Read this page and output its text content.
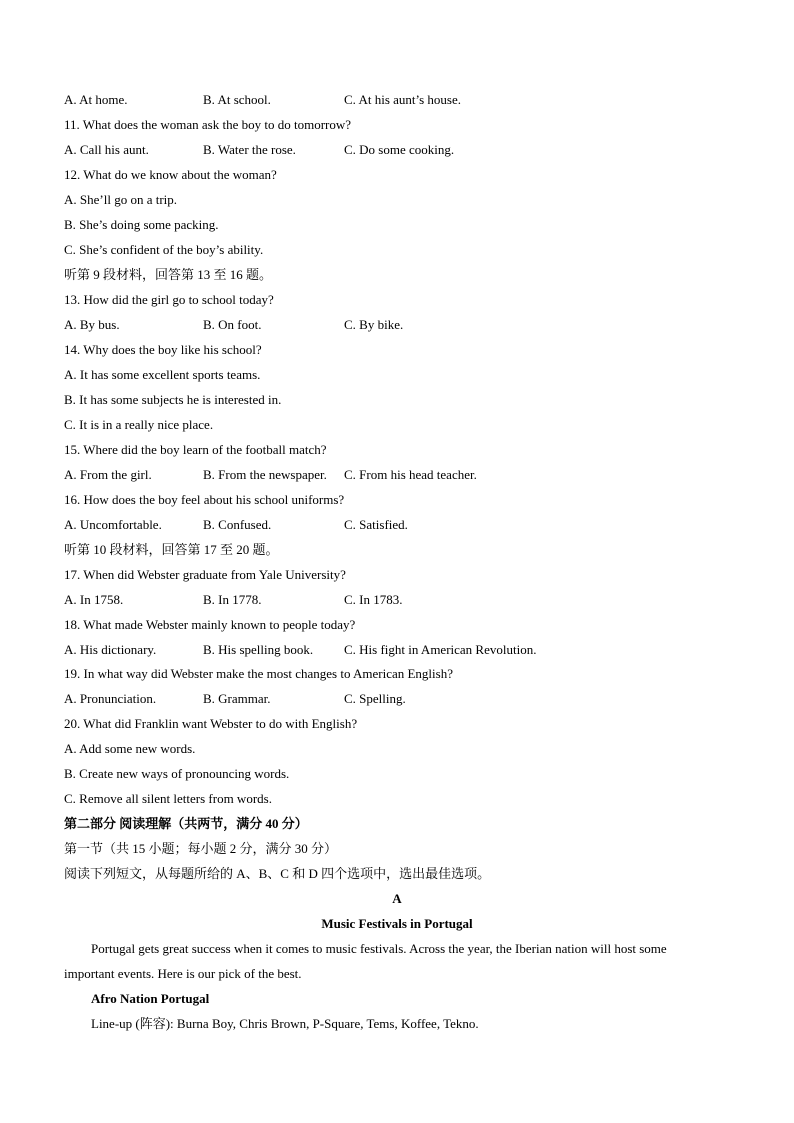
A. At home.	B. At school.	C. At his aunt’s house.
11. What does the woman ask the boy to do tomorrow?
A. Call his aunt.	B. Water the rose.	C. Do some cooking.
12. What do we know about the woman?
A. She’ll go on a trip.
B. She’s doing some packing.
C. She’s confident of the boy’s ability.
听第 9 段材料，回答第 13 至 16 题。
13. How did the girl go to school today?
A. By bus.	B. On foot.	C. By bike.
14. Why does the boy like his school?
A. It has some excellent sports teams.
B. It has some subjects he is interested in.
C. It is in a really nice place.
15. Where did the boy learn of the football match?
A. From the girl.	B. From the newspaper. C. From his head teacher.
16. How does the boy feel about his school uniforms?
A. Uncomfortable.	B. Confused.	C. Satisfied.
听第 10 段材料，回答第 17 至 20 题。
17. When did Webster graduate from Yale University?
A. In 1758.	B. In 1778.	C. In 1783.
18. What made Webster mainly known to people today?
A. His dictionary.	B. His spelling book. C. His fight in American Revolution.
19. In what way did Webster make the most changes to American English?
A. Pronunciation.	B. Grammar.	C. Spelling.
20. What did Franklin want Webster to do with English?
A. Add some new words.
B. Create new ways of pronouncing words.
C. Remove all silent letters from words.
第二部分 阅读理解（共两节，满分 40 分）
第一节（共 15 小题；每小题 2 分，满分 30 分）
阅读下列短文，从每题所给的 A、B、C 和 D 四个选项中，选出最佳选项。
A
Music Festivals in Portugal
Portugal gets great success when it comes to music festivals. Across the year, the Iberian nation will host some
important events. Here is our pick of the best.
Afro Nation Portugal
Line-up (阵容): Burna Boy, Chris Brown, P-Square, Tems, Koffee, Tekno.
